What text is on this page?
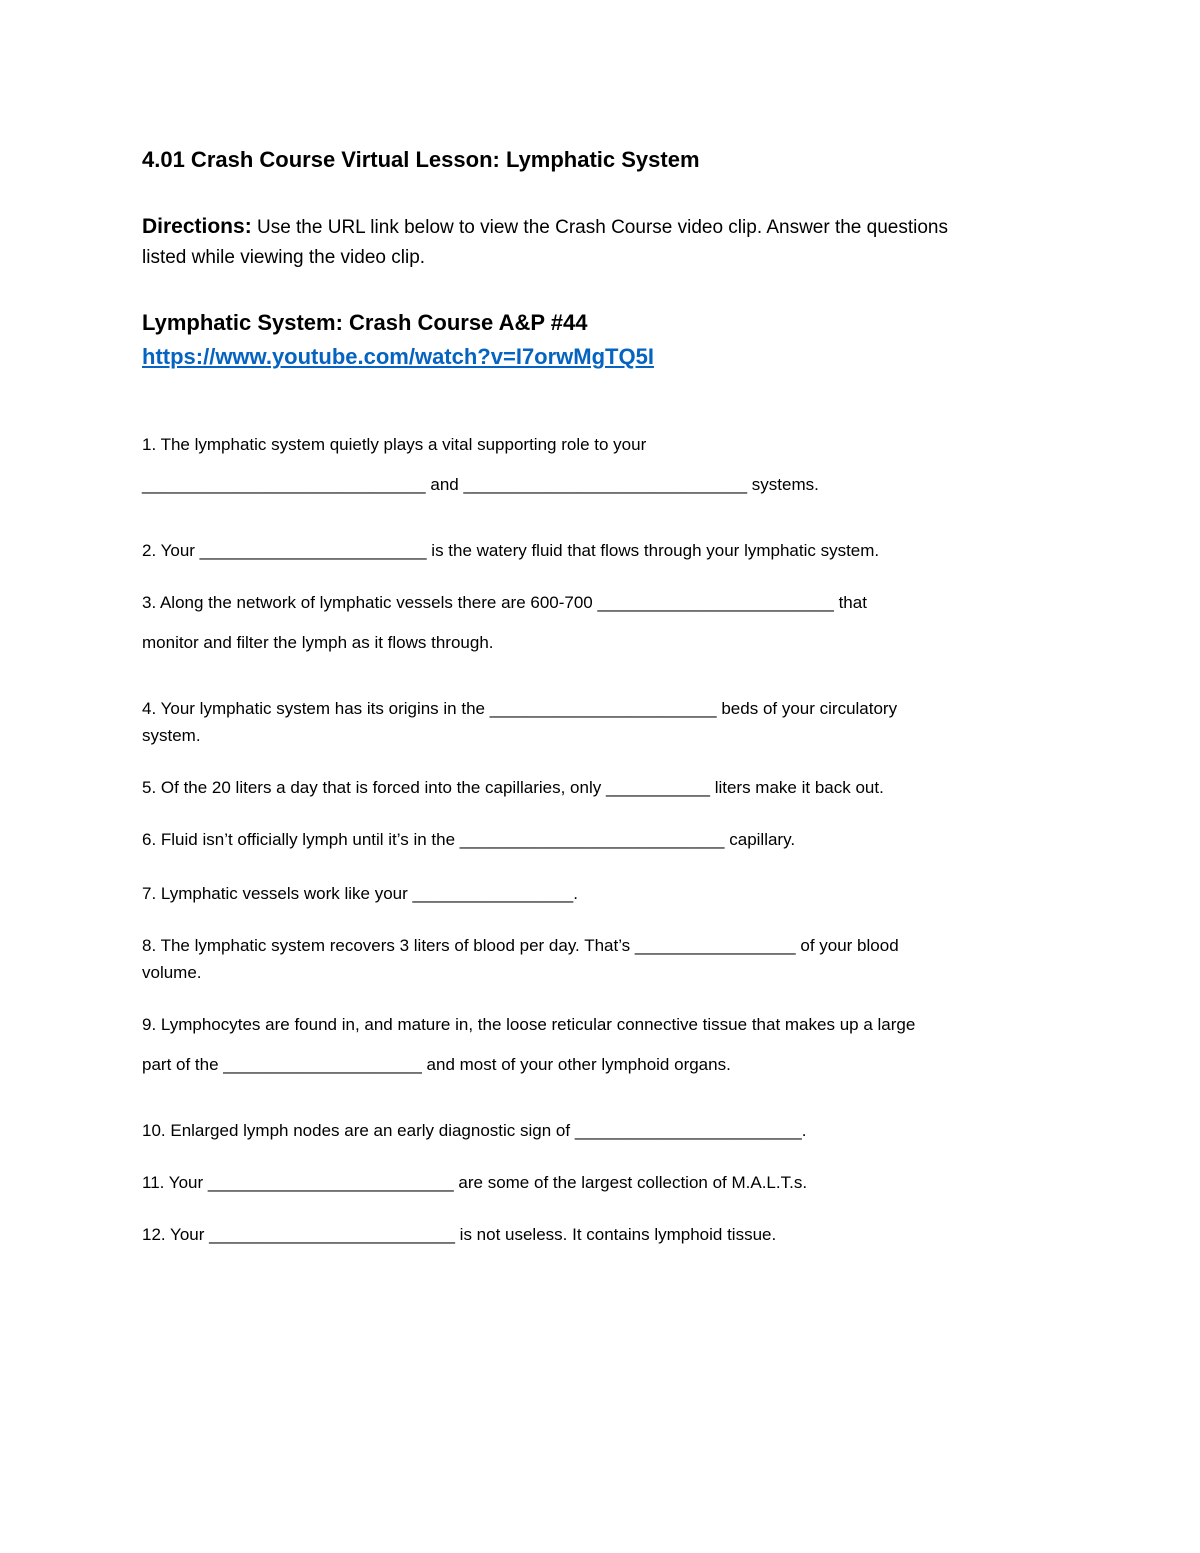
4.01 Crash Course Virtual Lesson: Lymphatic System
Directions: Use the URL link below to view the Crash Course video clip. Answer the questions
listed while viewing the video clip.
Lymphatic System: Crash Course A&P #44
https://www.youtube.com/watch?v=I7orwMgTQ5I
1. The lymphatic system quietly plays a vital supporting role to your
______________________________ and ______________________________ systems.
2. Your ________________________ is the watery fluid that flows through your lymphatic system.
3. Along the network of lymphatic vessels there are 600-700 _________________________ that
monitor and filter the lymph as it flows through.
4. Your lymphatic system has its origins in the ________________________ beds of your circulatory
system.
5. Of the 20 liters a day that is forced into the capillaries, only ___________ liters make it back out.
6. Fluid isn’t officially lymph until it’s in the ____________________________ capillary.
7. Lymphatic vessels work like your _________________.
8. The lymphatic system recovers 3 liters of blood per day. That’s _________________ of your blood
volume.
9. Lymphocytes are found in, and mature in, the loose reticular connective tissue that makes up a large
part of the _____________________ and most of your other lymphoid organs.
10. Enlarged lymph nodes are an early diagnostic sign of ________________________.
11. Your __________________________ are some of the largest collection of M.A.L.T.s.
12. Your __________________________ is not useless. It contains lymphoid tissue.
